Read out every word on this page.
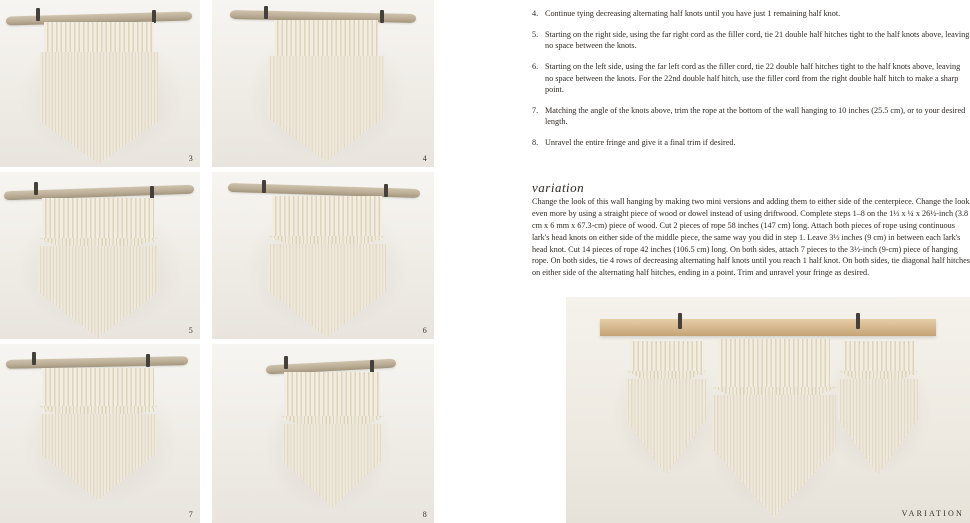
3	4
5	6
7	8
4. Continue tying decreasing alternating half knots until you have just 1 remaining half knot.
5. Starting on the right side, using the far right cord as the filler cord, tie 21 double half hitches tight to the half knots above, leaving no space between the knots.
6. Starting on the left side, using the far left cord as the filler cord, tie 22 double half hitches tight to the half knots above, leaving no space between the knots. For the 22nd double half hitch, use the filler cord from the right double half hitch to make a sharp point.
7. Matching the angle of the knots above, trim the rope at the bottom of the wall hanging to 10 inches (25.5 cm), or to your desired length.
8. Unravel the entire fringe and give it a final trim if desired.
variation
Change the look of this wall hanging by making two mini versions and adding them to either side of the centerpiece. Change the look even more by using a straight piece of wood or dowel instead of using driftwood. Complete steps 1–8 on the 1½ x ¼ x 26½-inch (3.8 cm x 6 mm x 67.3-cm) piece of wood. Cut 2 pieces of rope 58 inches (147 cm) long. Attach both pieces of rope using continuous lark's head knots on either side of the middle piece, the same way you did in step 1. Leave 3½ inches (9 cm) in between each lark's head knot. Cut 14 pieces of rope 42 inches (106.5 cm) long. On both sides, attach 7 pieces to the 3½-inch (9-cm) piece of hanging rope. On both sides, tie 4 rows of decreasing alternating half knots until you reach 1 half knot. On both sides, tie diagonal half hitches on either side of the alternating half hitches, ending in a point. Trim and unravel your fringe as desired.
VARIATION
